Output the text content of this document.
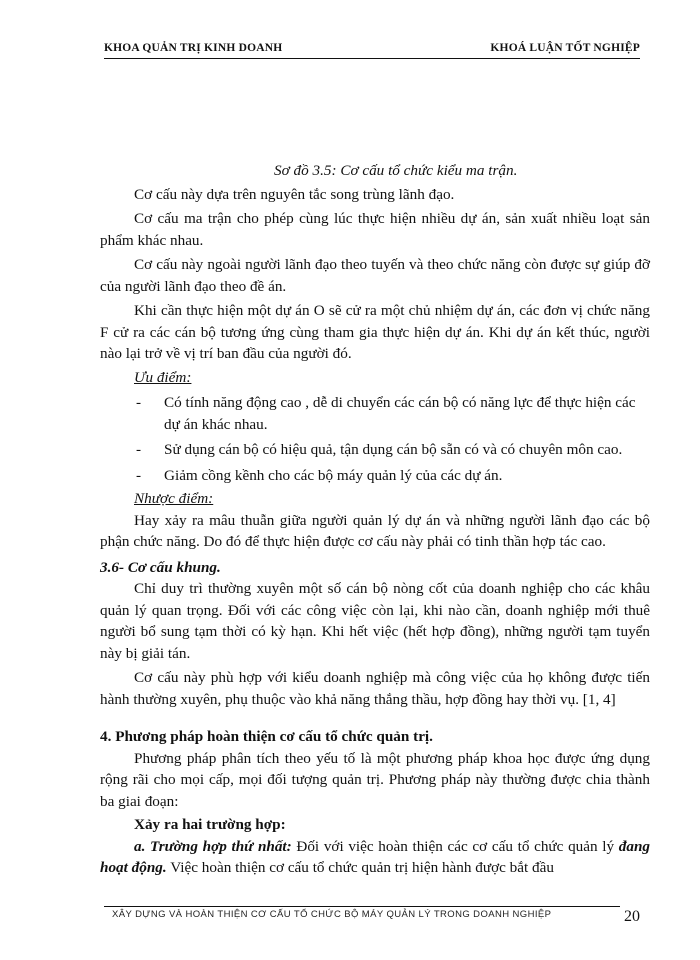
KHOA QUẢN TRỊ KINH DOANH	KHOÁ LUẬN TỐT NGHIỆP

Sơ đồ 3.5: Cơ cấu tổ chức kiểu ma trận.

Cơ cấu này dựa trên nguyên tắc song trùng lãnh đạo.

Cơ cấu ma trận cho phép cùng lúc thực hiện nhiều dự án, sản xuất nhiều loạt sản phẩm khác nhau.

Cơ cấu này ngoài người lãnh đạo theo tuyến và theo chức năng còn được sự giúp đỡ của người lãnh đạo theo đề án.

Khi cần thực hiện một dự án O sẽ cử ra một chủ nhiệm dự án, các đơn vị chức năng F cử ra các cán bộ tương ứng cùng tham gia thực hiện dự án. Khi dự án kết thúc, người nào lại trở về vị trí ban đầu của người đó.

Ưu điểm:

-	Có tính năng động cao , dễ di chuyển các cán bộ có năng lực để thực hiện các dự án khác nhau.
-	Sử dụng cán bộ có hiệu quả, tận dụng cán bộ sẵn có và có chuyên môn cao.
-	Giảm cồng kềnh cho các bộ máy quản lý của các dự án.

Nhược điểm:

Hay xảy ra mâu thuẫn giữa người quản lý dự án và những người lãnh đạo các bộ phận chức năng. Do đó để thực hiện được cơ cấu này phải có tinh thần hợp tác cao.

3.6- Cơ cấu khung.

Chỉ duy trì thường xuyên một số cán bộ nòng cốt của doanh nghiệp cho các khâu quản lý quan trọng. Đối với các công việc còn lại, khi nào cần, doanh nghiệp mới thuê người bổ sung tạm thời có kỳ hạn. Khi hết việc (hết hợp đồng), những người tạm tuyển này bị giải tán.

Cơ cấu này phù hợp với kiểu doanh nghiệp mà công việc của họ không được tiến hành thường xuyên, phụ thuộc vào khả năng thắng thầu, hợp đồng hay thời vụ. [1, 4]

4. Phương pháp hoàn thiện cơ cấu tổ chức quản trị.

Phương pháp phân tích theo yếu tố là một phương pháp khoa học được ứng dụng rộng rãi cho mọi cấp, mọi đối tượng quản trị. Phương pháp này thường được chia thành ba giai đoạn:

Xảy ra hai trường hợp:

a. Trường hợp thứ nhất: Đối với việc hoàn thiện các cơ cấu tổ chức quản lý đang hoạt động. Việc hoàn thiện cơ cấu tổ chức quản trị hiện hành được bắt đầu

XÂY DỰNG VÀ HOÀN THIỆN CƠ CẤU TỔ CHỨC BỘ MÁY QUẢN LÝ TRONG DOANH NGHIỆP	20
